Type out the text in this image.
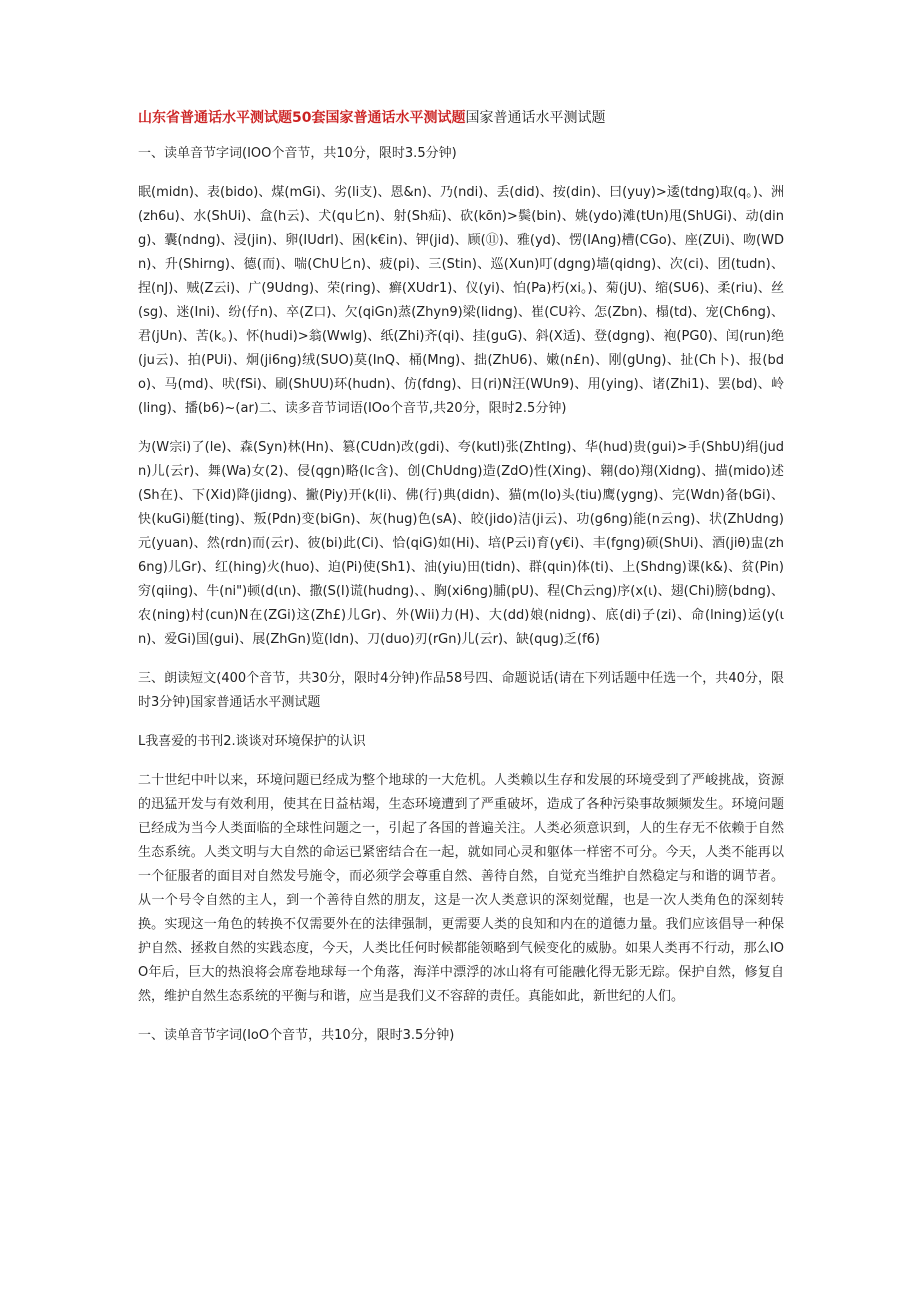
山东省普通话水平测试题50套国家普通话水平测试题国家普通话水平测试题

一、读单音节字词(IOO个音节，共10分，限时3.5分钟)

眠(midn)、表(bido)、煤(mGi)、劣(li支)、恩&n)、乃(ndi)、丢(did)、按(din)、曰(yuy)>逶(tdng)取(q。)、洲(zh6u)、水(ShUi)、盒(h云)、犬(qu匕n)、射(Sh疝)、砍(kõn)>鬓(bin)、姚(ydo)滩(tUn)甩(ShUGi)、动(ding)、囊(ndng)、浸(jin)、卵(IUdrl)、困(k€in)、钾(jid)、顾(⑪)、雅(yd)、愣(IAng)槽(CGo)、座(ZUi)、吻(WDn)、升(Shirng)、德(而)、喘(ChU匕n)、疲(pi)、三(Stin)、巡(Xun)叮(dgng)墙(qidng)、次(ci)、团(tudn)、捏(nJ)、贼(Z云i)、广(9Udng)、荣(ring)、癣(XUdr1)、仪(yi)、怕(Pa)朽(xi。)、菊(jU)、缩(SU6)、柔(riu)、丝(sg)、迷(Ini)、纷(仔n)、卒(Z口)、欠(qiGn)蒸(Zhyn9)梁(lidng)、崔(CU衿、怎(Zbn)、榻(td)、宠(Ch6ng)、君(jUn)、苦(k。)、怀(hudi)>翁(Wwlg)、纸(Zhi)齐(qi)、挂(guG)、斜(X适)、登(dgng)、袍(PG0)、闰(run)绝(ju云)、拍(PUi)、炯(ji6ng)绒(SUO)莫(InQ、桶(Mng)、拙(ZhU6)、嫩(n£n)、刚(gUng)、扯(Ch卜)、报(bdo)、马(md)、吠(fSi)、刷(ShUU)环(hudn)、仿(fdng)、日(ri)N汪(WUn9)、用(ying)、诸(Zhi1)、罢(bd)、岭(ling)、播(b6)~(ar)二、读多音节词语(IOo个音节,共20分，限时2.5分钟)

为(W宗i)了(le)、森(Syn)林(Hn)、篡(CUdn)改(gdi)、夸(kutl)张(ZhtIng)、华(hud)贵(gui)>手(ShbU)绢(judn)儿(云r)、舞(Wa)女(2)、侵(qgn)略(lc含)、创(ChUdng)造(ZdO)性(Xing)、翱(do)翔(Xidng)、描(mido)述(Sh在)、下(Xid)降(jidng)、撇(Piy)开(k(li)、佛(行)典(didn)、猫(m(lo)头(tiu)鹰(ygng)、完(Wdn)备(bGi)、快(kuGi)艇(ting)、叛(Pdn)变(biGn)、灰(hug)色(sA)、皎(jido)洁(ji云)、功(g6ng)能(n云ng)、状(ZhUdng)元(yuan)、然(rdn)而(云r)、彼(bi)此(Ci)、恰(qiG)如(Hi)、培(P云i)育(y€i)、丰(fgng)硕(ShUi)、酒(jiθ)盅(zh6ng)儿Gr)、红(hing)火(huo)、迫(Pi)使(Sh1)、油(yiu)田(tidn)、群(qιin)体(ti)、上(Shdng)课(k&)、贫(Pin)穷(qiing)、牛(ni")顿(d(ιn)、撒(S(I)谎(hudng)、、胸(xi6ng)脯(pU)、程(Ch云ng)序(x(ι)、翅(Chi)膀(bdng)、农(ning)村(cun)N在(ZGi)这(Zh£)儿Gr)、外(Wii)力(H)、大(dd)娘(nidng)、底(di)子(zi)、命(lning)运(y(ιn)、爱Gi)国(gui)、展(ZhGn)览(ldn)、刀(duo)刃(rGn)儿(云r)、缺(qug)乏(f6)

三、朗读短文(400个音节，共30分，限时4分钟)作品58号四、命题说话(请在下列话题中任选一个，共40分，限时3分钟)国家普通话水平测试题

L我喜爱的书刊2.谈谈对环境保护的认识

二十世纪中叶以来，环境问题已经成为整个地球的一大危机。人类赖以生存和发展的环境受到了严峻挑战，资源的迅猛开发与有效利用，使其在日益枯竭，生态环境遭到了严重破坏，造成了各种污染事故频频发生。环境问题已经成为当今人类面临的全球性问题之一，引起了各国的普遍关注。人类必须意识到，人的生存无不依赖于自然生态系统。人类文明与大自然的命运已紧密结合在一起，就如同心灵和躯体一样密不可分。今天，人类不能再以一个征服者的面目对自然发号施令，而必须学会尊重自然、善待自然，自觉充当维护自然稳定与和谐的调节者。从一个号令自然的主人，到一个善待自然的朋友，这是一次人类意识的深刻觉醒，也是一次人类角色的深刻转换。实现这一角色的转换不仅需要外在的法律强制，更需要人类的良知和内在的道德力量。我们应该倡导一种保护自然、拯救自然的实践态度，今天，人类比任何时候都能领略到气候变化的威胁。如果人类再不行动，那么IOO年后，巨大的热浪将会席卷地球每一个角落，海洋中漂浮的冰山将有可能融化得无影无踪。保护自然，修复自然，维护自然生态系统的平衡与和谐，应当是我们义不容辞的责任。真能如此，新世纪的人们。

一、读单音节字词(IoO个音节，共10分，限时3.5分钟)
